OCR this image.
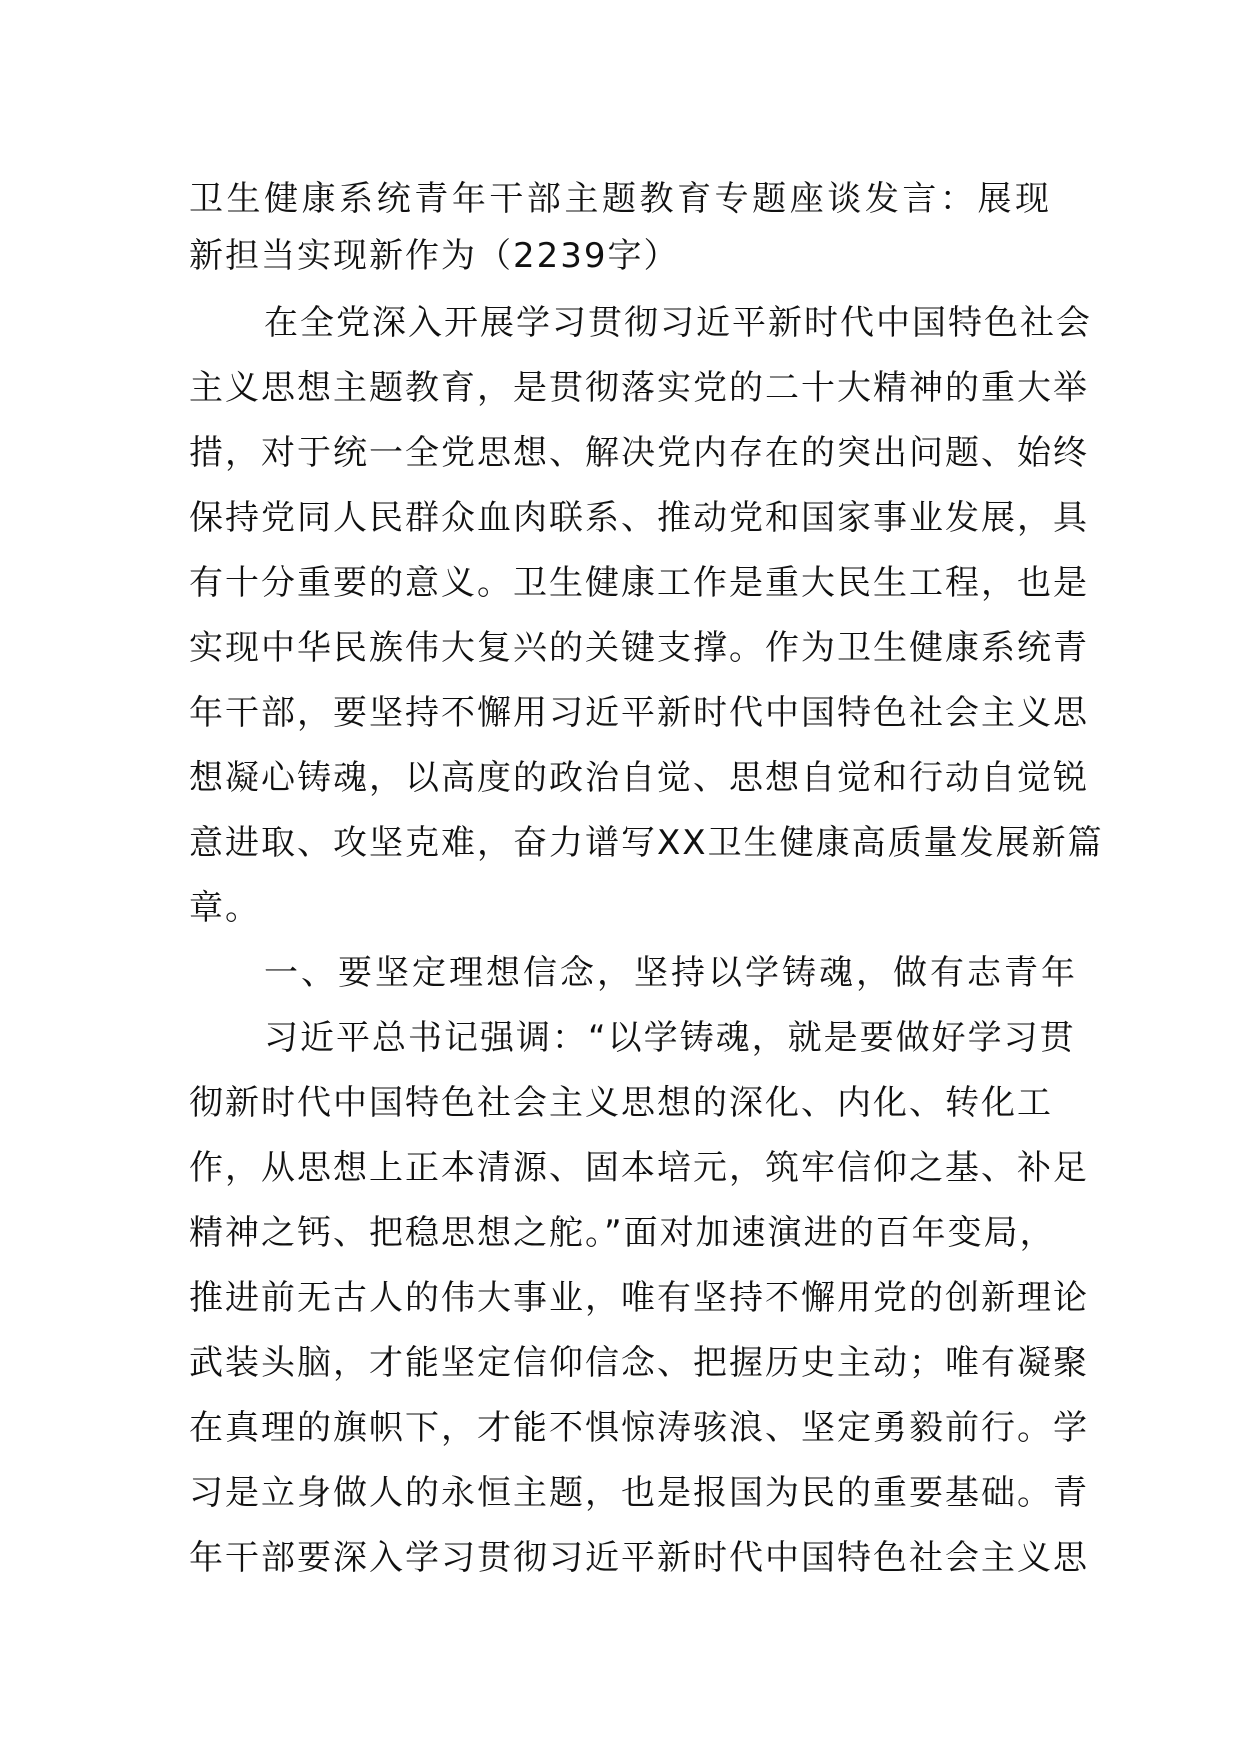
卫生健康系统青年干部主题教育专题座谈发言：展现
新担当实现新作为（2239字）
在全党深入开展学习贯彻习近平新时代中国特色社会
主义思想主题教育，是贯彻落实党的二十大精神的重大举
措，对于统一全党思想、解决党内存在的突出问题、始终
保持党同人民群众血肉联系、推动党和国家事业发展，具
有十分重要的意义。卫生健康工作是重大民生工程，也是
实现中华民族伟大复兴的关键支撑。作为卫生健康系统青
年干部，要坚持不懈用习近平新时代中国特色社会主义思
想凝心铸魂，以高度的政治自觉、思想自觉和行动自觉锐
意进取、攻坚克难，奋力谱写XX卫生健康高质量发展新篇
章。
一、要坚定理想信念，坚持以学铸魂，做有志青年
习近平总书记强调：“以学铸魂，就是要做好学习贯
彻新时代中国特色社会主义思想的深化、内化、转化工
作，从思想上正本清源、固本培元，筑牢信仰之基、补足
精神之钙、把稳思想之舵。”面对加速演进的百年变局，
推进前无古人的伟大事业，唯有坚持不懈用党的创新理论
武装头脑，才能坚定信仰信念、把握历史主动；唯有凝聚
在真理的旗帜下，才能不惧惊涛骇浪、坚定勇毅前行。学
习是立身做人的永恒主题，也是报国为民的重要基础。青
年干部要深入学习贯彻习近平新时代中国特色社会主义思
